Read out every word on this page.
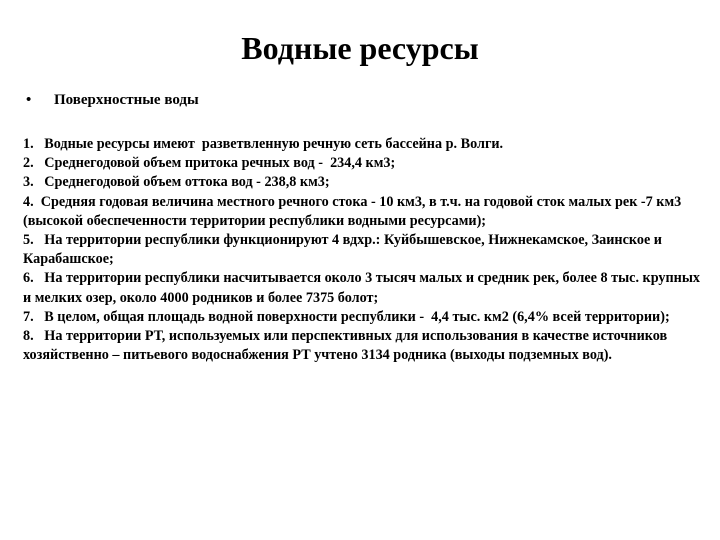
Водные ресурсы
•	Поверхностные воды

1.   Водные ресурсы имеют  разветвленную речную сеть бассейна р. Волги.

2.   Среднегодовой объем притока речных вод -  234,4 км3;

3.   Среднегодовой объем оттока вод - 238,8 км3;

4.  Средняя годовая величина местного речного стока - 10 км3, в т.ч. на годовой сток малых рек -7 км3 (высокой обеспеченности территории республики водными ресурсами);

5.   На территории республики функционируют 4 вдхр.: Куйбышевское, Нижнекамское, Заинское и Карабашское;

6.   На территории республики насчитывается около 3 тысяч малых и средник рек, более 8 тыс. крупных и мелких озер, около 4000 родников и более 7375 болот;

7.   В целом, общая площадь водной поверхности республики -  4,4 тыс. км2 (6,4% всей территории);

8.   На территории РТ, используемых или перспективных для использования в качестве источников хозяйственно – питьевого водоснабжения РТ учтено 3134 родника (выходы подземных вод).
